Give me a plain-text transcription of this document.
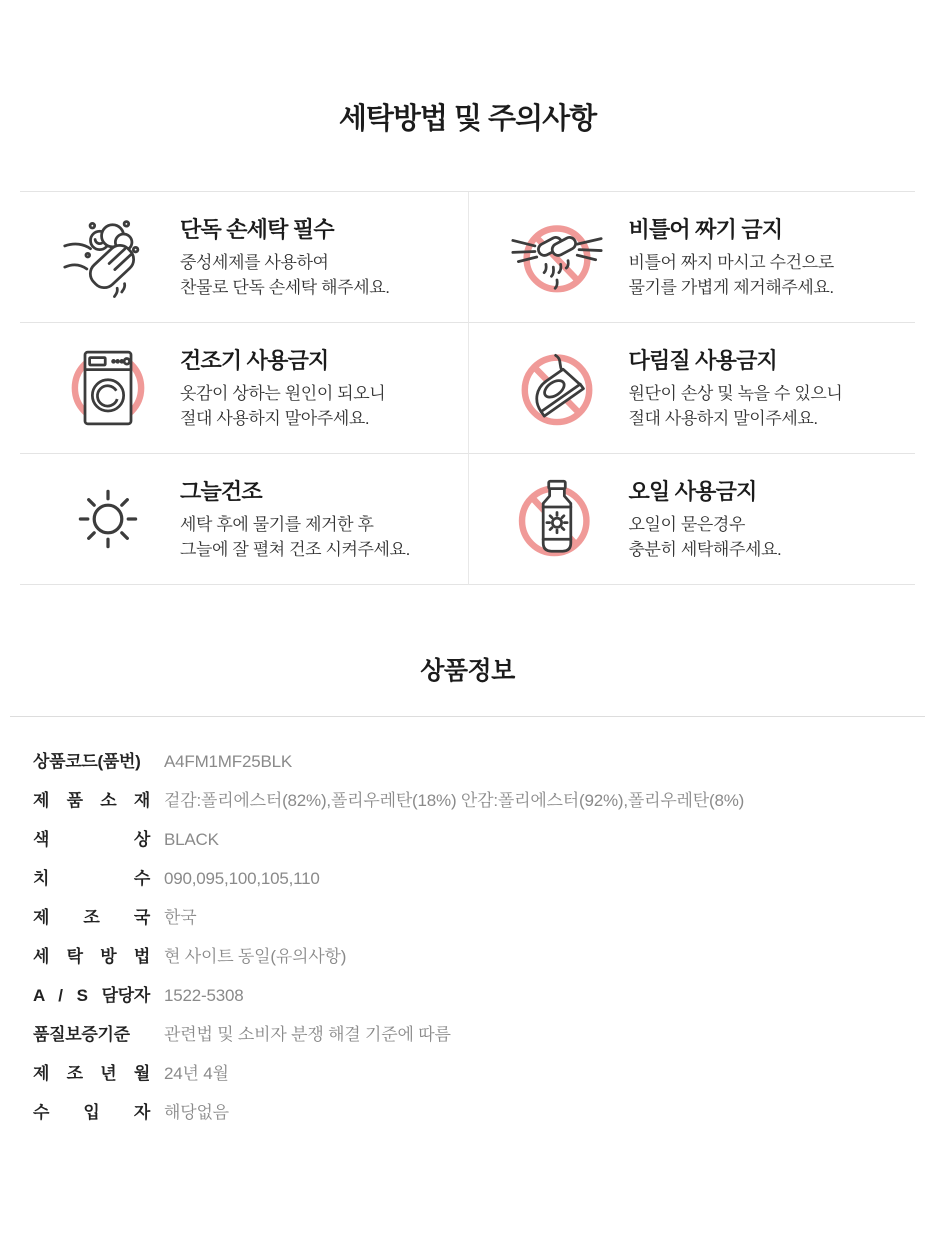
세탁방법 및 주의사항
단독 손세탁 필수

중성세제를 사용하여
찬물로 단독 손세탁 해주세요.

비틀어 짜기 금지

비틀어 짜지 마시고 수건으로
물기를 가볍게 제거해주세요.

건조기 사용금지

옷감이 상하는 원인이 되오니
절대 사용하지 말아주세요.

다림질 사용금지

원단이 손상 및 녹을 수 있으니
절대 사용하지 말이주세요.

그늘건조

세탁 후에 물기를 제거한 후
그늘에 잘 펼쳐 건조 시켜주세요.

오일 사용금지

오일이 묻은경우
충분히 세탁해주세요.

상품정보
상품코드(품번)	A4FM1MF25BLK
제 품 소 재 겉감:폴리에스터(82%),폴리우레탄(18%) 안감:폴리에스터(92%),폴리우레탄(8%)
색 상 BLACK
치 수 090,095,100,105,110
제 조 국 한국
세 탁 방 법 현 사이트 동일(유의사항)
A / S 담당자 1522-5308
품질보증기준	관련법 및 소비자 분쟁 해결 기준에 따름
제 조 년 월 24년 4월
수 입 자 해당없음
